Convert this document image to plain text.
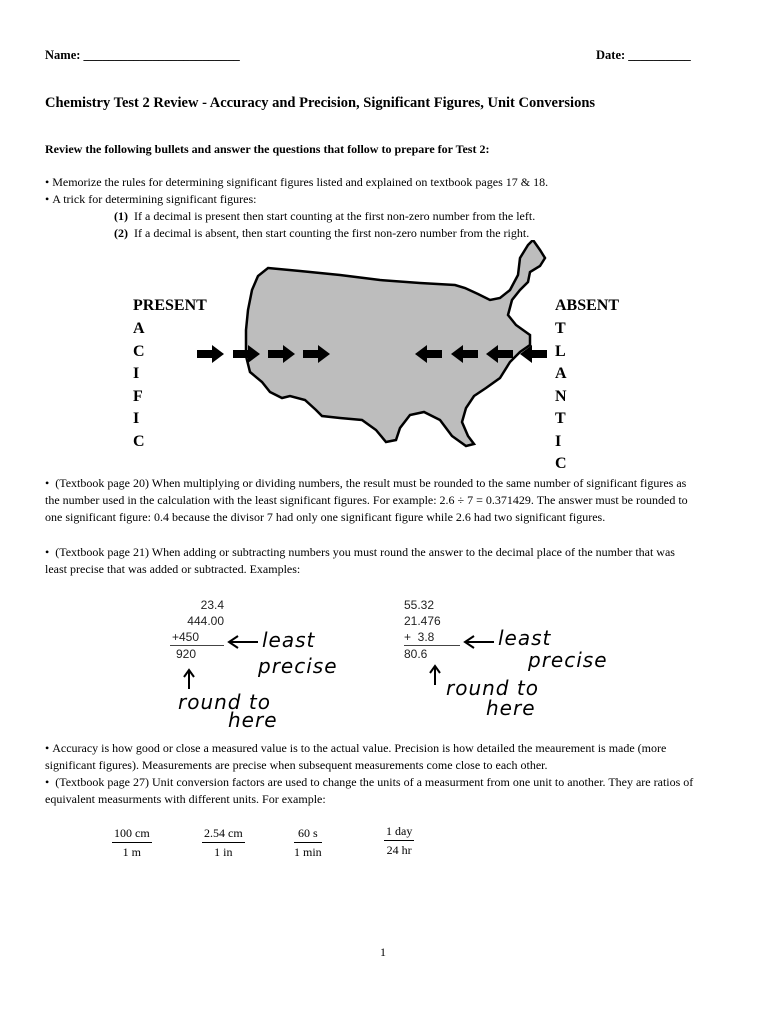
Name: _________________________	Date: __________
Chemistry Test 2 Review - Accuracy and Precision, Significant Figures, Unit Conversions
Review the following bullets and answer the questions that follow to prepare for Test 2:
• Memorize the rules for determining significant figures listed and explained on textbook pages 17 & 18.
• A trick for determining significant figures:
(1) If a decimal is present then start counting at the first non-zero number from the left.
(2) If a decimal is absent, then start counting the first non-zero number from the right.
PRESENT
A
C
I
F
I
C
ABSENT
T
L
A
N
T
I
C
• (Textbook page 20) When multiplying or dividing numbers, the result must be rounded to the same number of significant figures as the number used in the calculation with the least significant figures. For example: 2.6 ÷ 7 = 0.371429. The answer must be rounded to one significant figure: 0.4 because the divisor 7 had only one significant figure while 2.6 had two significant figures.
• (Textbook page 21) When adding or subtracting numbers you must round the answer to the decimal place of the number that was least precise that was added or subtracted. Examples:
23.4
444.00
+450
920
least
precise
round to
here
55.32
21.476
+  3.8
80.6
least
precise
round to
here
• Accuracy is how good or close a measured value is to the actual value. Precision is how detailed the meaurement is made (more significant figures). Measurements are precise when subsequent measurements come close to each other.
• (Textbook page 27) Unit conversion factors are used to change the units of a measurment from one unit to another. They are ratios of equivalent measurments with different units. For example:
$\frac{100 cm}{1 m}$	$\frac{2.54 cm}{1 in}$	60 s
1 min
1 day
24 hr
1
